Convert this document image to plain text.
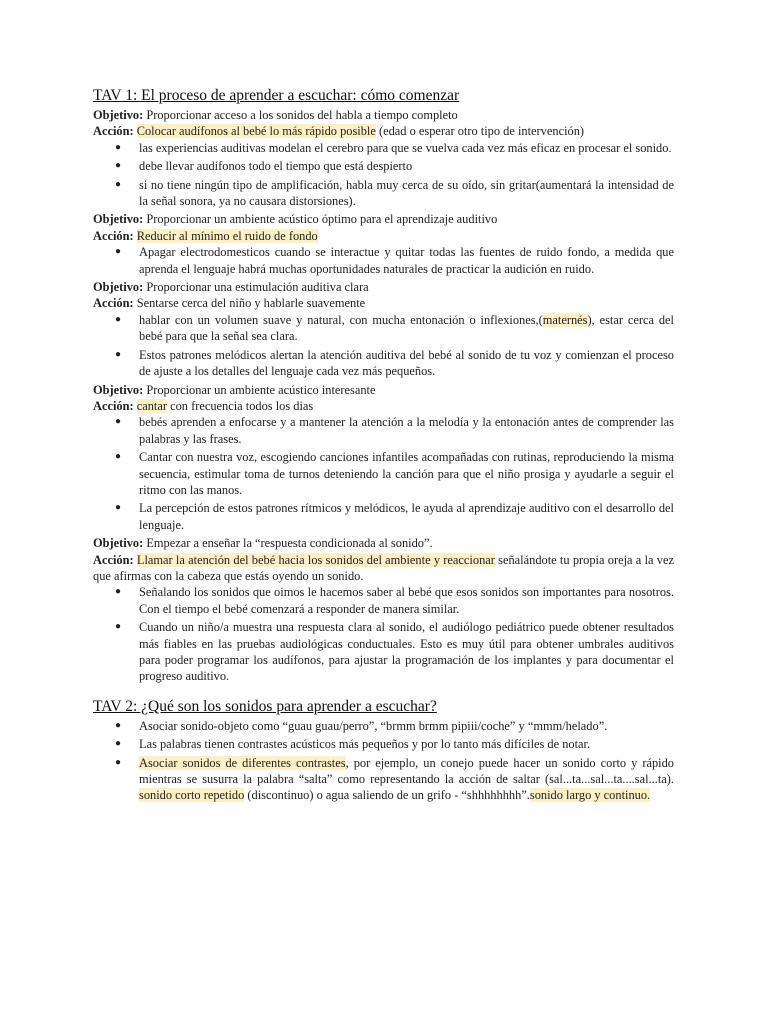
TAV 1: El proceso de aprender a escuchar: cómo comenzar

Objetivo: Proporcionar acceso a los sonidos del habla a tiempo completo

Acción: Colocar audífonos al bebé lo más rápido posible (edad o esperar otro tipo de intervención)

● las experiencias auditivas modelan el cerebro para que se vuelva cada vez más eficaz en procesar el sonido.
● debe llevar audífonos todo el tiempo que está despierto
● si no tiene ningún tipo de amplificación, habla muy cerca de su oído, sin gritar(aumentará la intensidad de la señal sonora, ya no causara distorsiones).

Objetivo: Proporcionar un ambiente acústico óptimo para el aprendizaje auditivo

Acción: Reducir al mínimo el ruido de fondo

● Apagar electrodomesticos cuando se interactue y quitar todas las fuentes de ruido fondo, a medida que aprenda el lenguaje habrá muchas oportunidades naturales de practicar la audición en ruido.

Objetivo: Proporcionar una estimulación auditiva clara

Acción: Sentarse cerca del niño y hablarle suavemente

● hablar con un volumen suave y natural, con mucha entonación o inflexiones,(maternés), estar cerca del bebé para que la señal sea clara.
● Estos patrones melódicos alertan la atención auditiva del bebé al sonido de tu voz y comienzan el proceso de ajuste a los detalles del lenguaje cada vez más pequeños.

Objetivo: Proporcionar un ambiente acústico interesante

Acción: cantar con frecuencia todos los dias

● bebés aprenden a enfocarse y a mantener la atención a la melodía y la entonación antes de comprender las palabras y las frases.
● Cantar con nuestra voz, escogiendo canciones infantiles acompañadas con rutinas, reproduciendo la misma secuencia, estimular toma de turnos deteniendo la canción para que el niño prosiga y ayudarle a seguir el ritmo con las manos.
● La percepción de estos patrones rítmicos y melódicos, le ayuda al aprendizaje auditivo con el desarrollo del lenguaje.

Objetivo: Empezar a enseñar la “respuesta condicionada al sonido”.

Acción: Llamar la atención del bebé hacia los sonidos del ambiente y reaccionar señalándote tu propia oreja a la vez que afirmas con la cabeza que estás oyendo un sonido.

● Señalando los sonidos que oimos le hacemos saber al bebé que esos sonidos son importantes para nosotros. Con el tiempo el bebé comenzará a responder de manera similar.
● Cuando un niño/a muestra una respuesta clara al sonido, el audiólogo pediátrico puede obtener resultados más fiables en las pruebas audiológicas conductuales. Esto es muy útil para obtener umbrales auditivos para poder programar los audífonos, para ajustar la programación de los implantes y para documentar el progreso auditivo.
TAV 2: ¿Qué son los sonidos para aprender a escuchar?
● Asociar sonido-objeto como “guau guau/perro”, “brmm brmm pipiii/coche” y “mmm/helado”.
● Las palabras tienen contrastes acústicos más pequeños y por lo tanto más difíciles de notar.
● Asociar sonidos de diferentes contrastes, por ejemplo, un conejo puede hacer un sonido corto y rápido mientras se susurra la palabra “salta” como representando la acción de saltar (sal...ta...sal...ta....sal...ta). sonido corto repetido (discontinuo) o agua saliendo de un grifo - “shhhhhhhh”.sonido largo y continuo.
